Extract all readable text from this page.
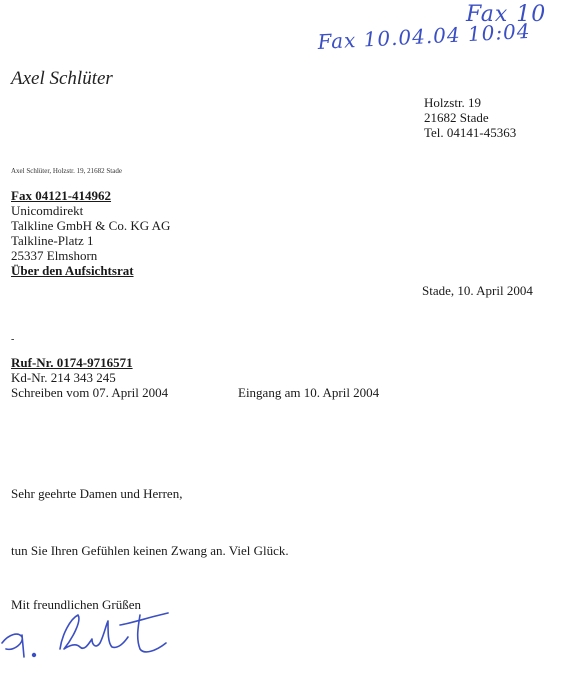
Fax 10
Fax 10.04.04 10:04
Axel Schlüter
Holzstr. 19
21682 Stade
Tel. 04141-45363
Axel Schlüter, Holzstr. 19, 21682 Stade
Fax 04121-414962
Unicomdirekt
Talkline GmbH & Co. KG AG
Talkline-Platz 1
25337 Elmshorn
Über den Aufsichtsrat
Stade, 10. April 2004
-
Ruf-Nr. 0174-9716571
Kd-Nr. 214 343 245
Schreiben vom 07. April 2004	Eingang am 10. April 2004
Sehr geehrte Damen und Herren,
tun Sie Ihren Gefühlen keinen Zwang an. Viel Glück.
Mit freundlichen Grüßen
